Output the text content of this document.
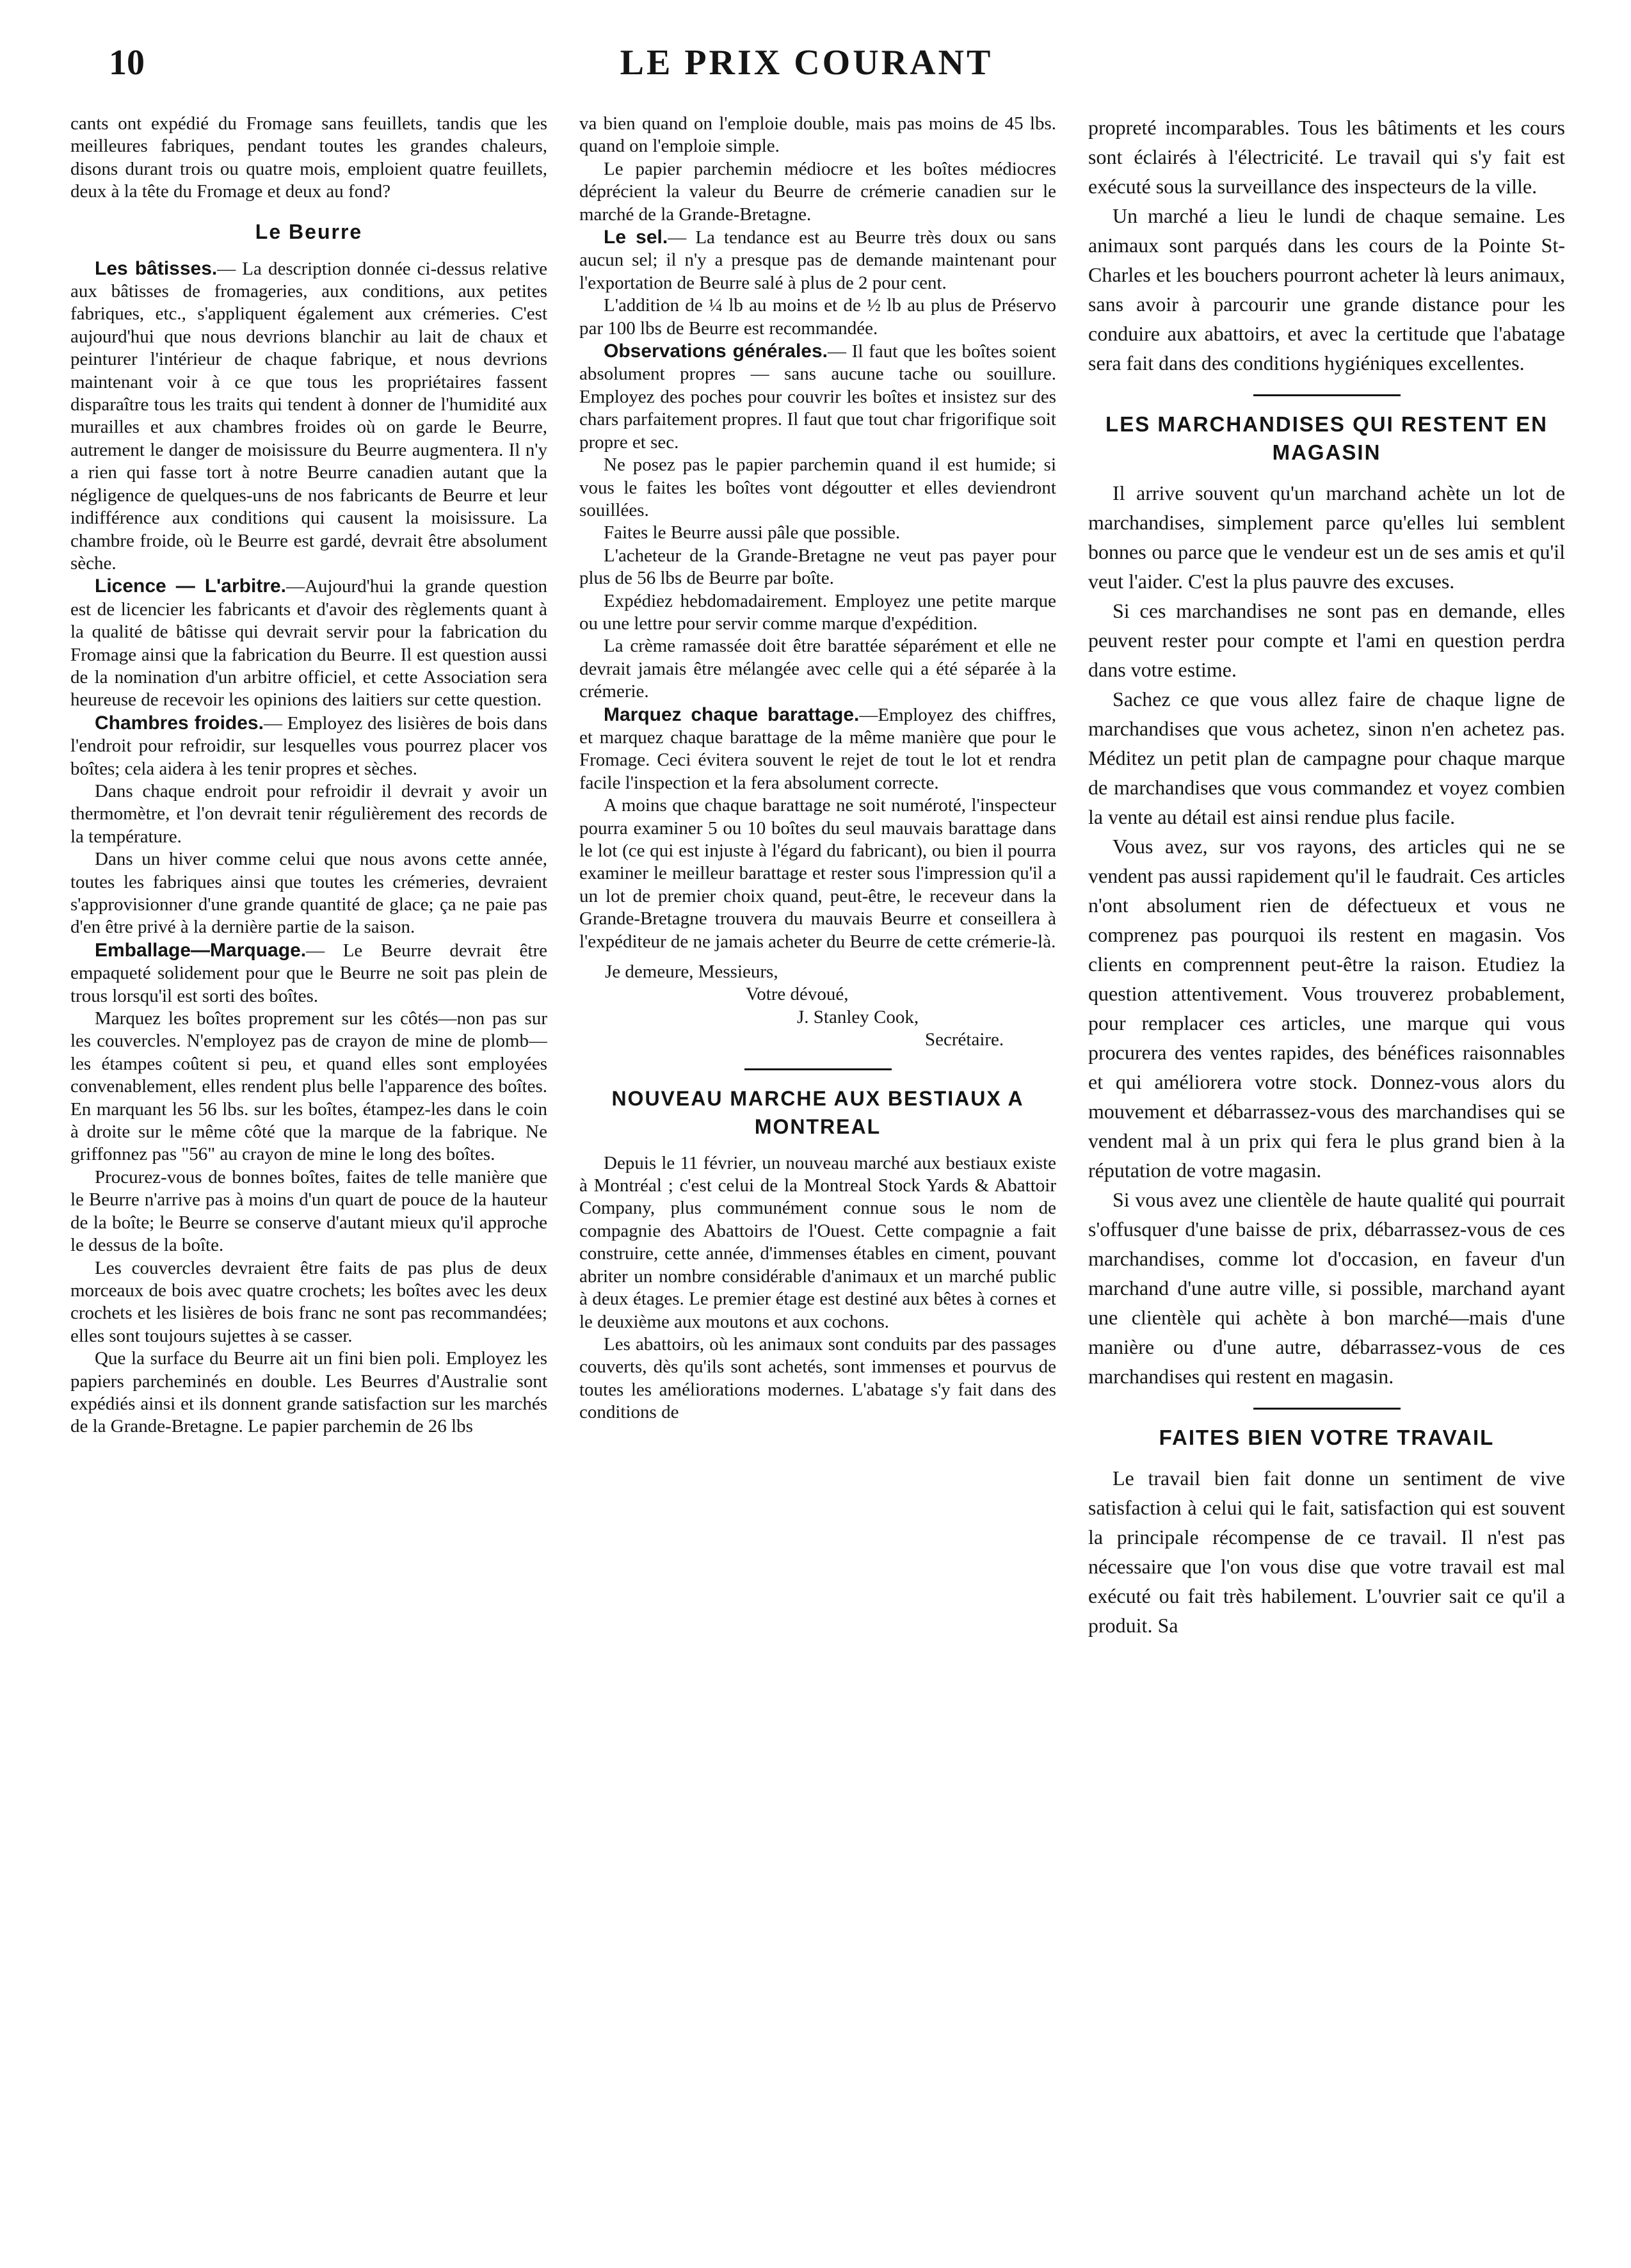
10	LE PRIX COURANT

cants ont expédié du Fromage sans feuillets, tandis que les meilleures fabriques, pendant toutes les grandes chaleurs, disons durant trois ou quatre mois, emploient quatre feuillets, deux à la tête du Fromage et deux au fond?

Le Beurre

Les bâtisses.— La description donnée ci-dessus relative aux bâtisses de fromageries, aux conditions, aux petites fabriques, etc., s'appliquent également aux crémeries. C'est aujourd'hui que nous devrions blanchir au lait de chaux et peinturer l'intérieur de chaque fabrique, et nous devrions maintenant voir à ce que tous les propriétaires fassent disparaître tous les traits qui tendent à donner de l'humidité aux murailles et aux chambres froides où on garde le Beurre, autrement le danger de moisissure du Beurre augmentera. Il n'y a rien qui fasse tort à notre Beurre canadien autant que la négligence de quelques-uns de nos fabricants de Beurre et leur indifférence aux conditions qui causent la moisissure. La chambre froide, où le Beurre est gardé, devrait être absolument sèche.

Licence — L'arbitre.—Aujourd'hui la grande question est de licencier les fabricants et d'avoir des règlements quant à la qualité de bâtisse qui devrait servir pour la fabrication du Fromage ainsi que la fabrication du Beurre. Il est question aussi de la nomination d'un arbitre officiel, et cette Association sera heureuse de recevoir les opinions des laitiers sur cette question.

Chambres froides.— Employez des lisières de bois dans l'endroit pour refroidir, sur lesquelles vous pourrez placer vos boîtes; cela aidera à les tenir propres et sèches.

Dans chaque endroit pour refroidir il devrait y avoir un thermomètre, et l'on devrait tenir régulièrement des records de la température.

Dans un hiver comme celui que nous avons cette année, toutes les fabriques ainsi que toutes les crémeries, devraient s'approvisionner d'une grande quantité de glace; ça ne paie pas d'en être privé à la dernière partie de la saison.

Emballage—Marquage.— Le Beurre devrait être empaqueté solidement pour que le Beurre ne soit pas plein de trous lorsqu'il est sorti des boîtes.

Marquez les boîtes proprement sur les côtés—non pas sur les couvercles. N'employez pas de crayon de mine de plomb—les étampes coûtent si peu, et quand elles sont employées convenablement, elles rendent plus belle l'apparence des boîtes. En marquant les 56 lbs. sur les boîtes, étampez-les dans le coin à droite sur le même côté que la marque de la fabrique. Ne griffonnez pas "56" au crayon de mine le long des boîtes.

Procurez-vous de bonnes boîtes, faites de telle manière que le Beurre n'arrive pas à moins d'un quart de pouce de la hauteur de la boîte; le Beurre se conserve d'autant mieux qu'il approche le dessus de la boîte.

Les couvercles devraient être faits de pas plus de deux morceaux de bois avec quatre crochets; les boîtes avec les deux crochets et les lisières de bois franc ne sont pas recommandées; elles sont toujours sujettes à se casser.

Que la surface du Beurre ait un fini bien poli. Employez les papiers parcheminés en double. Les Beurres d'Australie sont expédiés ainsi et ils donnent grande satisfaction sur les marchés de la Grande-Bretagne. Le papier parchemin de 26 lbs

va bien quand on l'emploie double, mais pas moins de 45 lbs. quand on l'emploie simple.

Le papier parchemin médiocre et les boîtes médiocres déprécient la valeur du Beurre de crémerie canadien sur le marché de la Grande-Bretagne.

Le sel.— La tendance est au Beurre très doux ou sans aucun sel; il n'y a presque pas de demande maintenant pour l'exportation de Beurre salé à plus de 2 pour cent.

L'addition de ¼ lb au moins et de ½ lb au plus de Préservo par 100 lbs de Beurre est recommandée.

Observations générales.— Il faut que les boîtes soient absolument propres — sans aucune tache ou souillure. Employez des poches pour couvrir les boîtes et insistez sur des chars parfaitement propres. Il faut que tout char frigorifique soit propre et sec.

Ne posez pas le papier parchemin quand il est humide; si vous le faites les boîtes vont dégoutter et elles deviendront souillées.

Faites le Beurre aussi pâle que possible.

L'acheteur de la Grande-Bretagne ne veut pas payer pour plus de 56 lbs de Beurre par boîte.

Expédiez hebdomadairement. Employez une petite marque ou une lettre pour servir comme marque d'expédition.

La crème ramassée doit être barattée séparément et elle ne devrait jamais être mélangée avec celle qui a été séparée à la crémerie.

Marquez chaque barattage.—Employez des chiffres, et marquez chaque barattage de la même manière que pour le Fromage. Ceci évitera souvent le rejet de tout le lot et rendra facile l'inspection et la fera absolument correcte.

A moins que chaque barattage ne soit numéroté, l'inspecteur pourra examiner 5 ou 10 boîtes du seul mauvais barattage dans le lot (ce qui est injuste à l'égard du fabricant), ou bien il pourra examiner le meilleur barattage et rester sous l'impression qu'il a un lot de premier choix quand, peut-être, le receveur dans la Grande-Bretagne trouvera du mauvais Beurre et conseillera à l'expéditeur de ne jamais acheter du Beurre de cette crémerie-là.

Je demeure, Messieurs,
Votre dévoué,
J. Stanley Cook,
Secrétaire.
NOUVEAU MARCHE AUX BESTIAUX A MONTREAL

Depuis le 11 février, un nouveau marché aux bestiaux existe à Montréal ; c'est celui de la Montreal Stock Yards & Abattoir Company, plus communément connue sous le nom de compagnie des Abattoirs de l'Ouest. Cette compagnie a fait construire, cette année, d'immenses étables en ciment, pouvant abriter un nombre considérable d'animaux et un marché public à deux étages. Le premier étage est destiné aux bêtes à cornes et le deuxième aux moutons et aux cochons.

Les abattoirs, où les animaux sont conduits par des passages couverts, dès qu'ils sont achetés, sont immenses et pourvus de toutes les améliorations modernes. L'abatage s'y fait dans des conditions de

propreté incomparables. Tous les bâtiments et les cours sont éclairés à l'électricité. Le travail qui s'y fait est exécuté sous la surveillance des inspecteurs de la ville.

Un marché a lieu le lundi de chaque semaine. Les animaux sont parqués dans les cours de la Pointe St-Charles et les bouchers pourront acheter là leurs animaux, sans avoir à parcourir une grande distance pour les conduire aux abattoirs, et avec la certitude que l'abatage sera fait dans des conditions hygiéniques excellentes.

LES MARCHANDISES QUI RESTENT EN MAGASIN

Il arrive souvent qu'un marchand achète un lot de marchandises, simplement parce qu'elles lui semblent bonnes ou parce que le vendeur est un de ses amis et qu'il veut l'aider. C'est la plus pauvre des excuses.

Si ces marchandises ne sont pas en demande, elles peuvent rester pour compte et l'ami en question perdra dans votre estime.

Sachez ce que vous allez faire de chaque ligne de marchandises que vous achetez, sinon n'en achetez pas. Méditez un petit plan de campagne pour chaque marque de marchandises que vous commandez et voyez combien la vente au détail est ainsi rendue plus facile.

Vous avez, sur vos rayons, des articles qui ne se vendent pas aussi rapidement qu'il le faudrait. Ces articles n'ont absolument rien de défectueux et vous ne comprenez pas pourquoi ils restent en magasin. Vos clients en comprennent peut-être la raison. Etudiez la question attentivement. Vous trouverez probablement, pour remplacer ces articles, une marque qui vous procurera des ventes rapides, des bénéfices raisonnables et qui améliorera votre stock. Donnez-vous alors du mouvement et débarrassez-vous des marchandises qui se vendent mal à un prix qui fera le plus grand bien à la réputation de votre magasin.

Si vous avez une clientèle de haute qualité qui pourrait s'offusquer d'une baisse de prix, débarrassez-vous de ces marchandises, comme lot d'occasion, en faveur d'un marchand d'une autre ville, si possible, marchand ayant une clientèle qui achète à bon marché—mais d'une manière ou d'une autre, débarrassez-vous de ces marchandises qui restent en magasin.

FAITES BIEN VOTRE TRAVAIL

Le travail bien fait donne un sentiment de vive satisfaction à celui qui le fait, satisfaction qui est souvent la principale récompense de ce travail. Il n'est pas nécessaire que l'on vous dise que votre travail est mal exécuté ou fait très habilement. L'ouvrier sait ce qu'il a produit. Sa
